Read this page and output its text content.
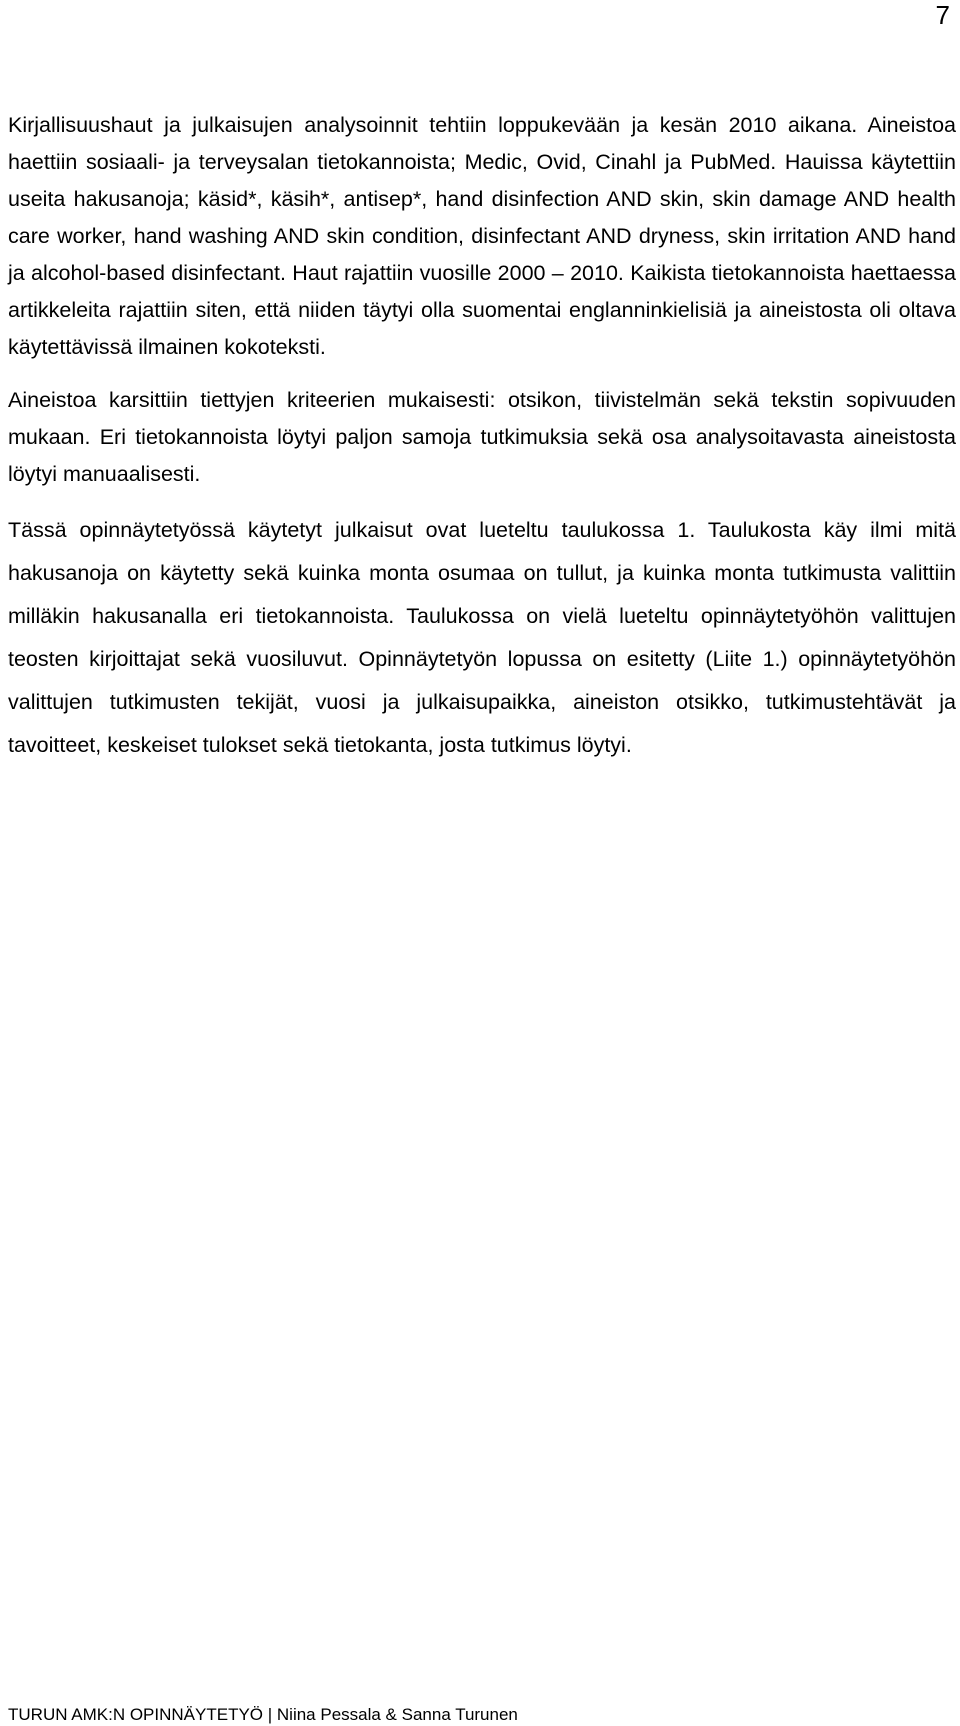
7

Kirjallisuushaut ja julkaisujen analysoinnit tehtiin loppukevään ja kesän 2010 aikana. Aineistoa haettiin sosiaali- ja terveysalan tietokannoista; Medic, Ovid, Cinahl ja PubMed. Hauissa käytettiin useita hakusanoja; käsid*, käsih*, antisep*, hand disinfection AND skin, skin damage AND health care worker, hand washing AND skin condition, disinfectant AND dryness, skin irritation AND hand ja alcohol-based disinfectant. Haut rajattiin vuosille 2000 – 2010. Kaikista tietokannoista haettaessa artikkeleita rajattiin siten, että niiden täytyi olla suomentai englanninkielisiä ja aineistosta oli oltava käytettävissä ilmainen kokoteksti.

Aineistoa karsittiin tiettyjen kriteerien mukaisesti: otsikon, tiivistelmän sekä tekstin sopivuuden mukaan. Eri tietokannoista löytyi paljon samoja tutkimuksia sekä osa analysoitavasta aineistosta löytyi manuaalisesti.

Tässä opinnäytetyössä käytetyt julkaisut ovat lueteltu taulukossa 1. Taulukosta käy ilmi mitä hakusanoja on käytetty sekä kuinka monta osumaa on tullut, ja kuinka monta tutkimusta valittiin milläkin hakusanalla eri tietokannoista. Taulukossa on vielä lueteltu opinnäytetyöhön valittujen teosten kirjoittajat sekä vuosiluvut. Opinnäytetyön lopussa on esitetty (Liite 1.) opinnäytetyöhön valittujen tutkimusten tekijät, vuosi ja julkaisupaikka, aineiston otsikko, tutkimustehtävät ja tavoitteet, keskeiset tulokset sekä tietokanta, josta tutkimus löytyi.

TURUN AMK:N OPINNÄYTETYÖ | Niina Pessala & Sanna Turunen
